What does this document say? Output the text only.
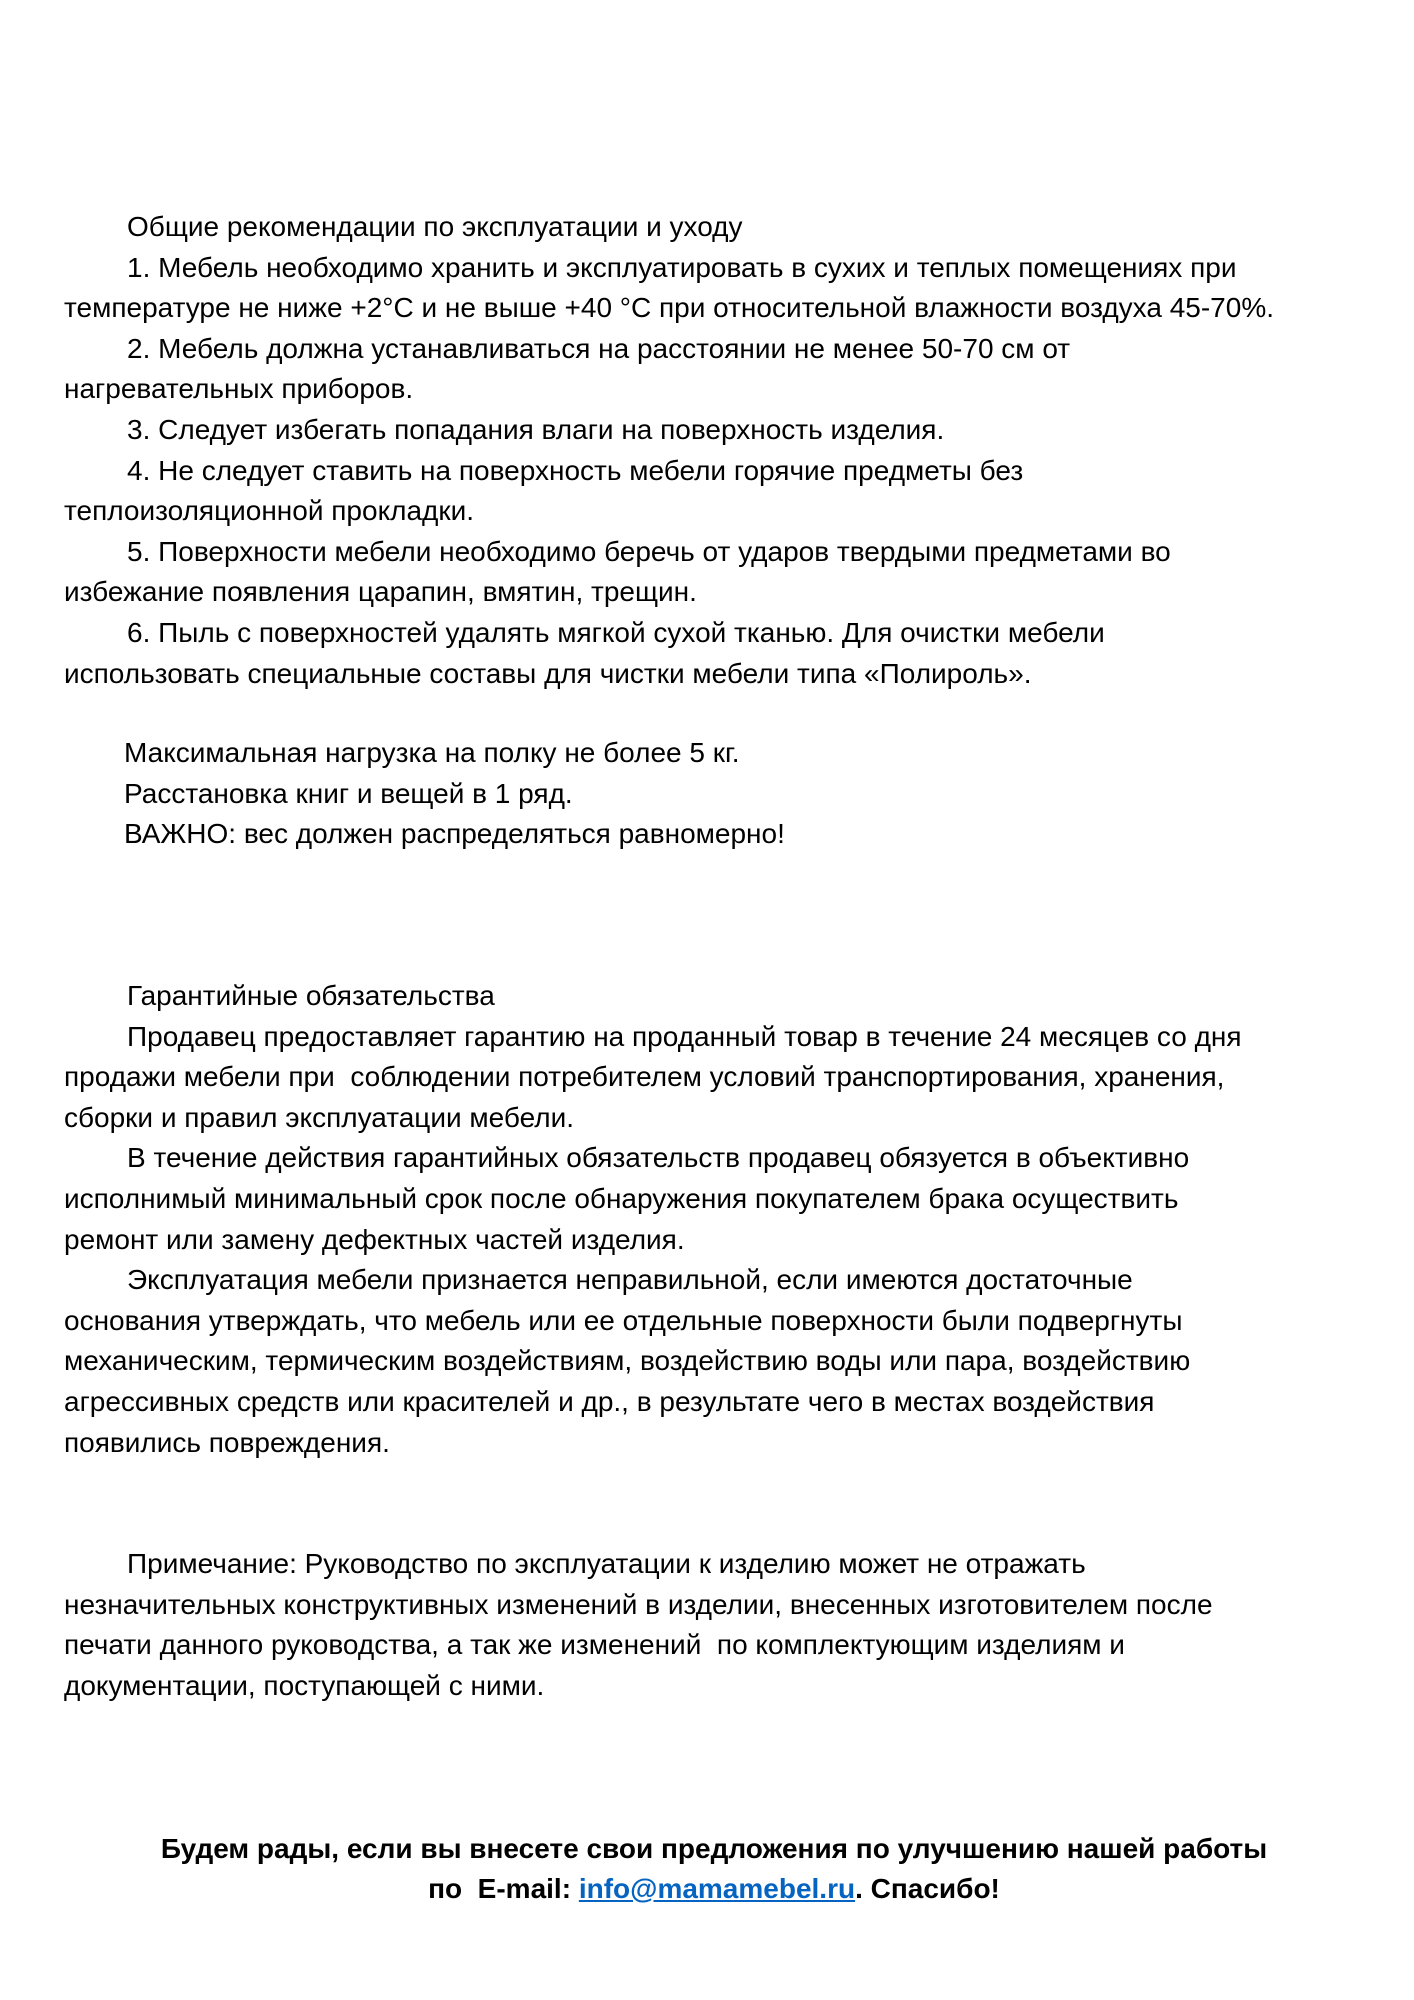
Общие рекомендации по эксплуатации и уходу
1. Мебель необходимо хранить и эксплуатировать в сухих и теплых помещениях при
температуре не ниже +2°С и не выше +40 °С при относительной влажности воздуха 45-70%.
2. Мебель должна устанавливаться на расстоянии не менее 50-70 см от
нагревательных приборов.
3. Следует избегать попадания влаги на поверхность изделия.
4. Не следует ставить на поверхность мебели горячие предметы без
теплоизоляционной прокладки.
5. Поверхности мебели необходимо беречь от ударов твердыми предметами во
избежание появления царапин, вмятин, трещин.
6. Пыль с поверхностей удалять мягкой сухой тканью. Для очистки мебели
использовать специальные составы для чистки мебели типа «Полироль».
Максимальная нагрузка на полку не более 5 кг.
Расстановка книг и вещей в 1 ряд.
ВАЖНО: вес должен распределяться равномерно!
Гарантийные обязательства
Продавец предоставляет гарантию на проданный товар в течение 24 месяцев со дня
продажи мебели при  соблюдении потребителем условий транспортирования, хранения,
сборки и правил эксплуатации мебели.
В течение действия гарантийных обязательств продавец обязуется в объективно
исполнимый минимальный срок после обнаружения покупателем брака осуществить
ремонт или замену дефектных частей изделия.
Эксплуатация мебели признается неправильной, если имеются достаточные
основания утверждать, что мебель или ее отдельные поверхности были подвергнуты
механическим, термическим воздействиям, воздействию воды или пара, воздействию
агрессивных средств или красителей и др., в результате чего в местах воздействия
появились повреждения.
Примечание: Руководство по эксплуатации к изделию может не отражать
незначительных конструктивных изменений в изделии, внесенных изготовителем после
печати данного руководства, а так же изменений  по комплектующим изделиям и
документации, поступающей с ними.
Будем рады, если вы внесете свои предложения по улучшению нашей работы
по  E-mail: info@mamamebel.ru. Спасибо!
